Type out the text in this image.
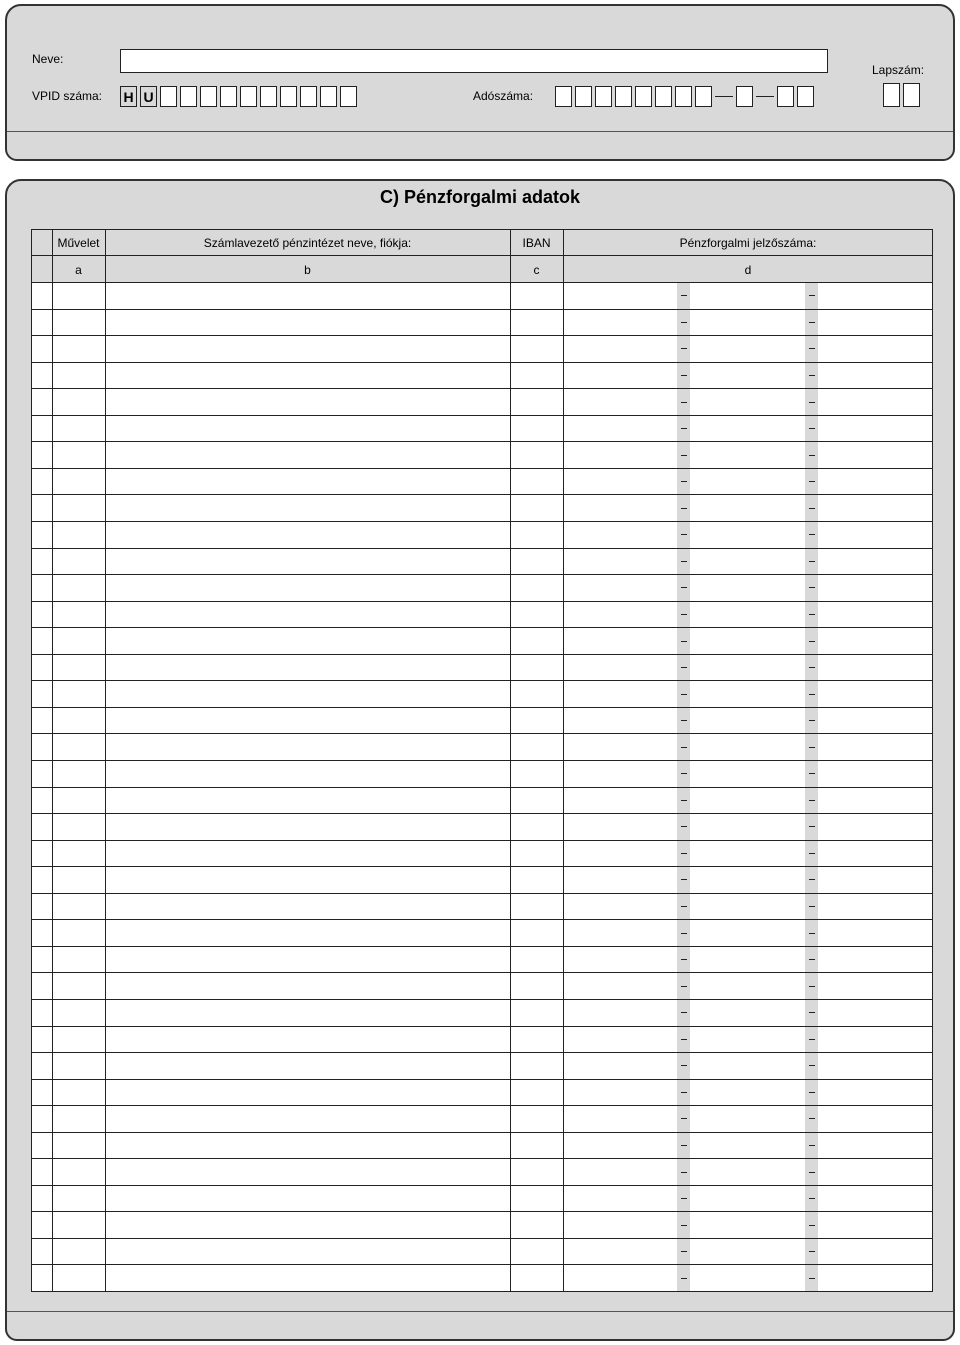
Neve:
VPID száma: H U	Adószáma:
Lapszám:
C) Pénzforgalmi adatok
Művelet	Számlavezető pénzintézet neve, fiókja:	IBAN	Pénzforgalmi jelzőszáma:
a	b	c	d
